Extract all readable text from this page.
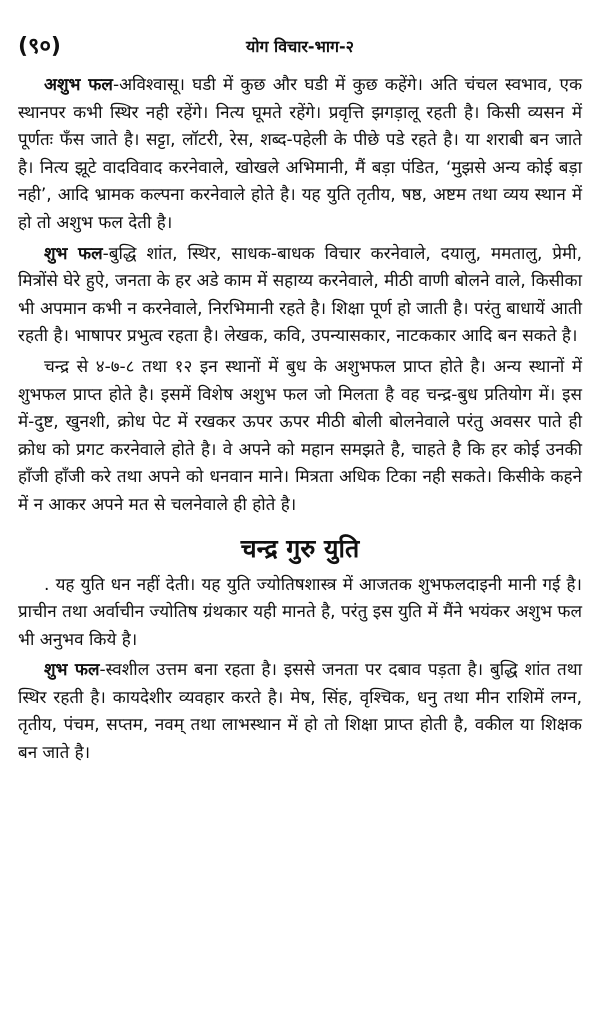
(९०)	योग विचार-भाग-२

अशुभ फल-अविश्वासू। घडी में कुछ और घडी में कुछ कहेंगे। अति चंचल स्वभाव, एक स्थानपर कभी स्थिर नही रहेंगे। नित्य घूमते रहेंगे। प्रवृत्ति झगड़ालू रहती है। किसी व्यसन में पूर्णतः फँस जाते है। सट्टा, लॉटरी, रेस, शब्द-पहेली के पीछे पडे रहते है। या शराबी बन जाते है। नित्य झूटे वादविवाद करनेवाले, खोखले अभिमानी, मैं बड़ा पंडित, ‘मुझसे अन्य कोई बड़ा नही’, आदि भ्रामक कल्पना करनेवाले होते है। यह युति तृतीय, षष्ठ, अष्टम तथा व्यय स्थान में हो तो अशुभ फल देती है।

शुभ फल-बुद्धि शांत, स्थिर, साधक-बाधक विचार करनेवाले, दयालु, ममतालु, प्रेमी, मित्रोंसे घेरे हुऐ, जनता के हर अडे काम में सहाय्य करनेवाले, मीठी वाणी बोलने वाले, किसीका भी अपमान कभी न करनेवाले, निरभिमानी रहते है। शिक्षा पूर्ण हो जाती है। परंतु बाधायें आती रहती है। भाषापर प्रभुत्व रहता है। लेखक, कवि, उपन्यासकार, नाटककार आदि बन सकते है।

चन्द्र से ४-७-८ तथा १२ इन स्थानों में बुध के अशुभफल प्राप्त होते है। अन्य स्थानों में शुभफल प्राप्त होते है। इसमें विशेष अशुभ फल जो मिलता है वह चन्द्र-बुध प्रतियोग में। इस में-दुष्ट, खुनशी, क्रोध पेट में रखकर ऊपर ऊपर मीठी बोली बोलनेवाले परंतु अवसर पाते ही क्रोध को प्रगट करनेवाले होते है। वे अपने को महान समझते है, चाहते है कि हर कोई उनकी हाँजी हाँजी करे तथा अपने को धनवान माने। मित्रता अधिक टिका नही सकते। किसीके कहने में न आकर अपने मत से चलनेवाले ही होते है।

चन्द्र गुरु युति

. यह युति धन नहीं देती। यह युति ज्योतिषशास्त्र में आजतक शुभफलदाइनी मानी गई है। प्राचीन तथा अर्वाचीन ज्योतिष ग्रंथकार यही मानते है, परंतु इस युति में मैंने भयंकर अशुभ फल भी अनुभव किये है।

शुभ फल-स्वशील उत्तम बना रहता है। इससे जनता पर दबाव पड़ता है। बुद्धि शांत तथा स्थिर रहती है। कायदेशीर व्यवहार करते है। मेष, सिंह, वृश्चिक, धनु तथा मीन राशिमें लग्न, तृतीय, पंचम, सप्तम, नवम् तथा लाभस्थान में हो तो शिक्षा प्राप्त होती है, वकील या शिक्षक बन जाते है।
